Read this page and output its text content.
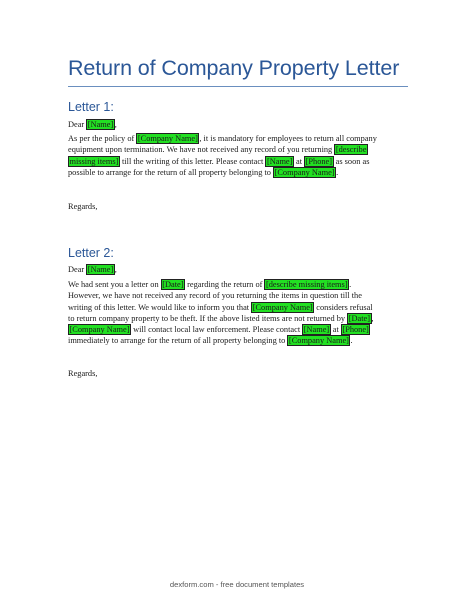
Return of Company Property Letter
Letter 1:
Dear [Name] ,
As per the policy of [Company Name] , it is mandatory for employees to return all company
equipment upon termination. We have not received any record of you returning [describe
missing items] till the writing of this letter. Please contact [Name] at [Phone] as soon as
possible to arrange for the return of all property belonging to [Company Name] .
Regards,
Letter 2:
Dear [Name] ,
We had sent you a letter on [Date] regarding the return of [describe missing items] .
However, we have not received any record of you returning the items in question till the
writing of this letter. We would like to inform you that [Company Name] considers refusal
to return company property to be theft. If the above listed items are not returned by [Date] ,
[Company Name] will contact local law enforcement. Please contact [Name] at [Phone]
immediately to arrange for the return of all property belonging to [Company Name] .
Regards,
dexform.com - free document templates
